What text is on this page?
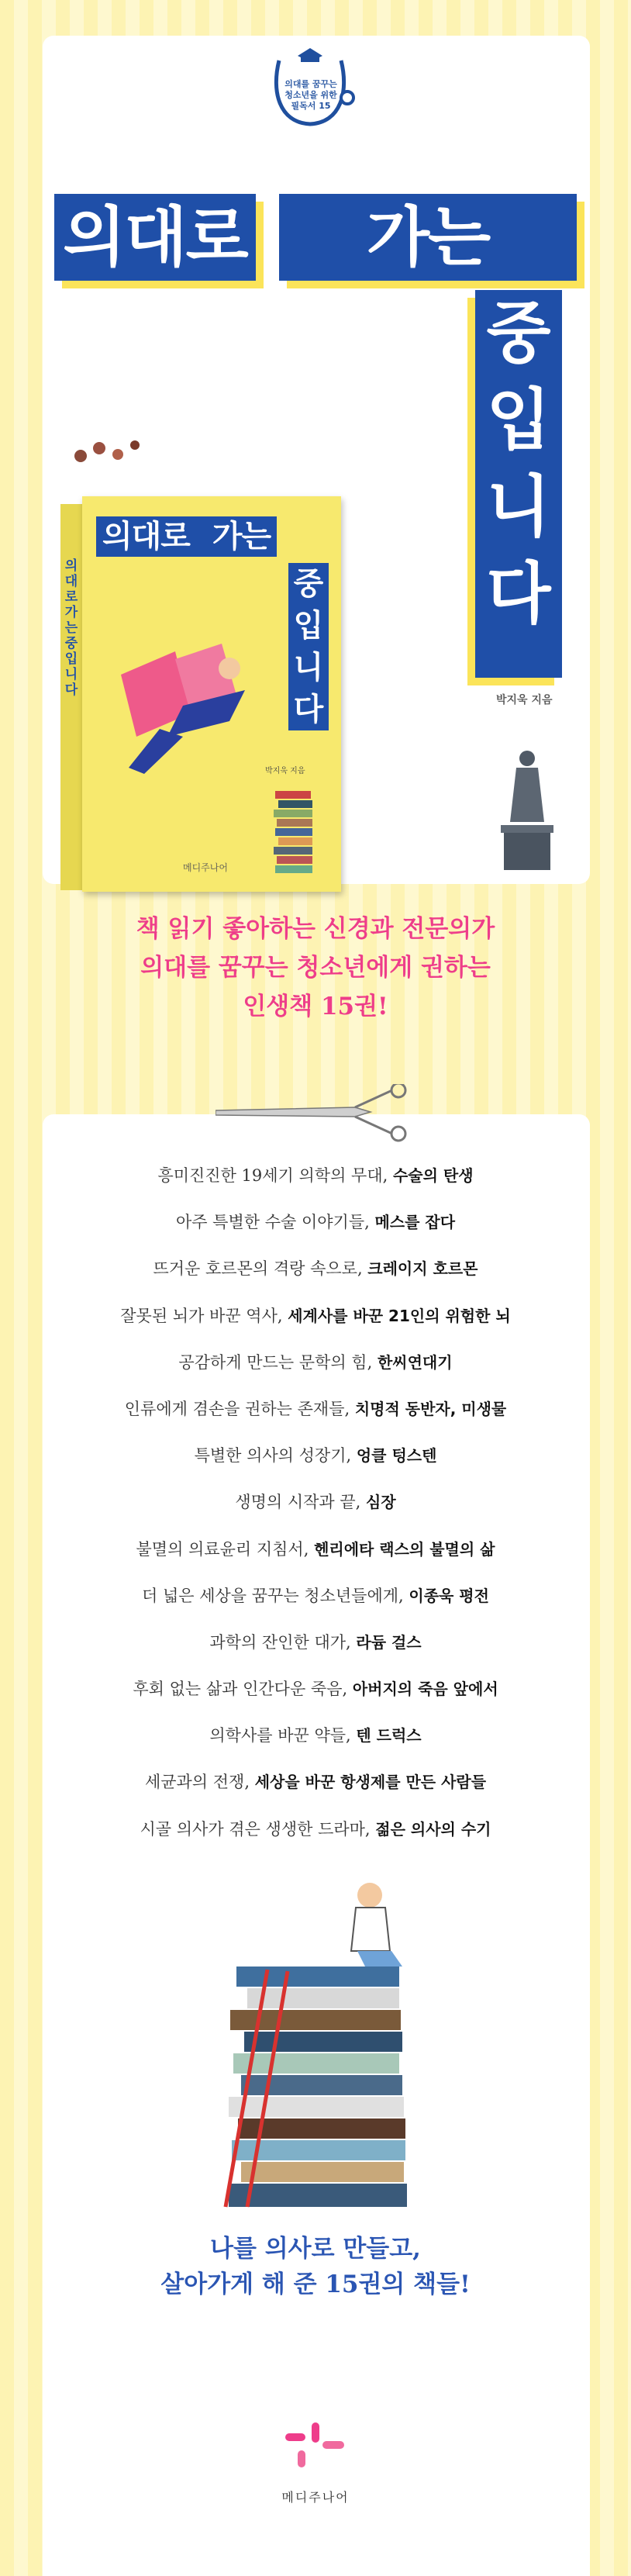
의대를 꿈꾸는
청소년을 위한
필독서 15
의대로	가는
중
입
니
다
박지욱 지음
의대로 가는 중입니다
의대로 가는
중
입
니
다
박지욱 지음
메디주나어
책 읽기 좋아하는 신경과 전문의가
의대를 꿈꾸는 청소년에게 권하는
인생책 15권!
흥미진진한 19세기 의학의 무대, 수술의 탄생
아주 특별한 수술 이야기들, 메스를 잡다
뜨거운 호르몬의 격랑 속으로, 크레이지 호르몬
잘못된 뇌가 바꾼 역사, 세계사를 바꾼 21인의 위험한 뇌
공감하게 만드는 문학의 힘, 한씨연대기
인류에게 겸손을 권하는 존재들, 치명적 동반자, 미생물
특별한 의사의 성장기, 엉클 텅스텐
생명의 시작과 끝, 심장
불멸의 의료윤리 지침서, 헨리에타 랙스의 불멸의 삶
더 넓은 세상을 꿈꾸는 청소년들에게, 이종욱 평전
과학의 잔인한 대가, 라듐 걸스
후회 없는 삶과 인간다운 죽음, 아버지의 죽음 앞에서
의학사를 바꾼 약들, 텐 드럭스
세균과의 전쟁, 세상을 바꾼 항생제를 만든 사람들
시골 의사가 겪은 생생한 드라마, 젊은 의사의 수기
나를 의사로 만들고,
살아가게 해 준 15권의 책들!
메디주나어
